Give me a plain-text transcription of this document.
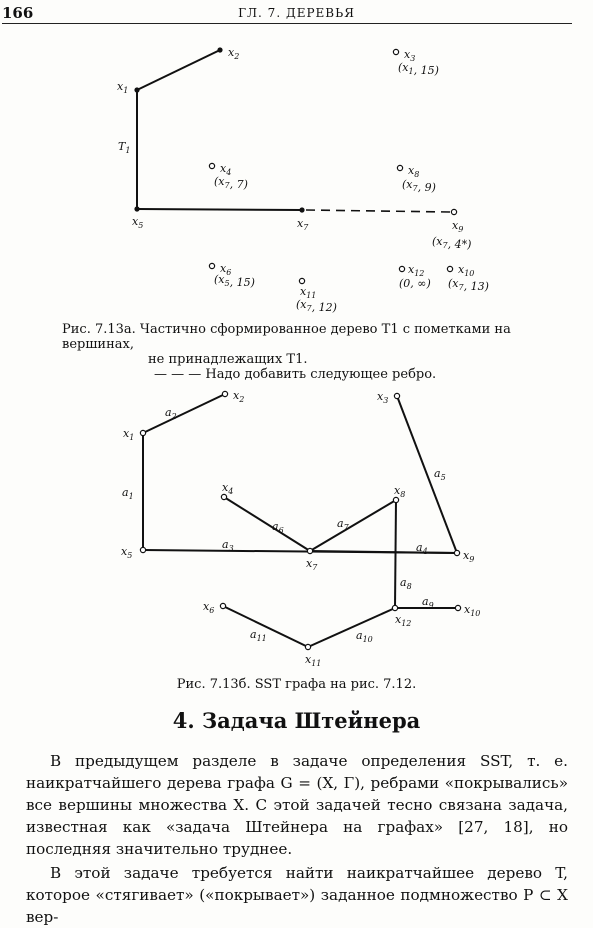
166	ГЛ. 7. ДЕРЕВЬЯ
$T_1$
$x_1$
$x_2$	$x_3$
($x_1$, 15)
$x_4$
($x_7$, 7)
$x_5$
$x_6$
($x_5$, 15)
$x_7$
$x_8$
($x_7$, 9)
$x_9$
($x_7$, 4*)
$x_{10}$
($x_7$, 13)
$x_{11}$
($x_7$, 12)
$x_{12}$
(0, ∞)
Рис. 7.13а. Частично сформированное дерево T1 с пометками на вершинах,
не принадлежащих T1.
— — — Надо добавить следующее ребро.
$a_2$
$a_1$
$a_3$
$a_5$
$a_6$
$a_7$
$a_4$
$a_8$
$a_9$
$a_{10}$
$a_{11}$
$x_1$
$x_2$	$x_3$
$x_4$
$x_5$
$x_6$
$x_7$
$x_8$
$x_9$
$x_{10}$
$x_{11}$
$x_{12}$
Рис. 7.13б. SST графа на рис. 7.12.
4. Задача Штейнера

В предыдущем разделе в задаче определения SST, т. е. наикратчайшего дерева графа G = (X, Γ), ребрами «покрывались» все вершины множества X. С этой задачей тесно связана задача, известная как «задача Штейнера на графах» [27, 18], но последняя значительно труднее.

В этой задаче требуется найти наикратчайшее дерево T, которое «стягивает» («покрывает») заданное подмножество P ⊂ X вер-
